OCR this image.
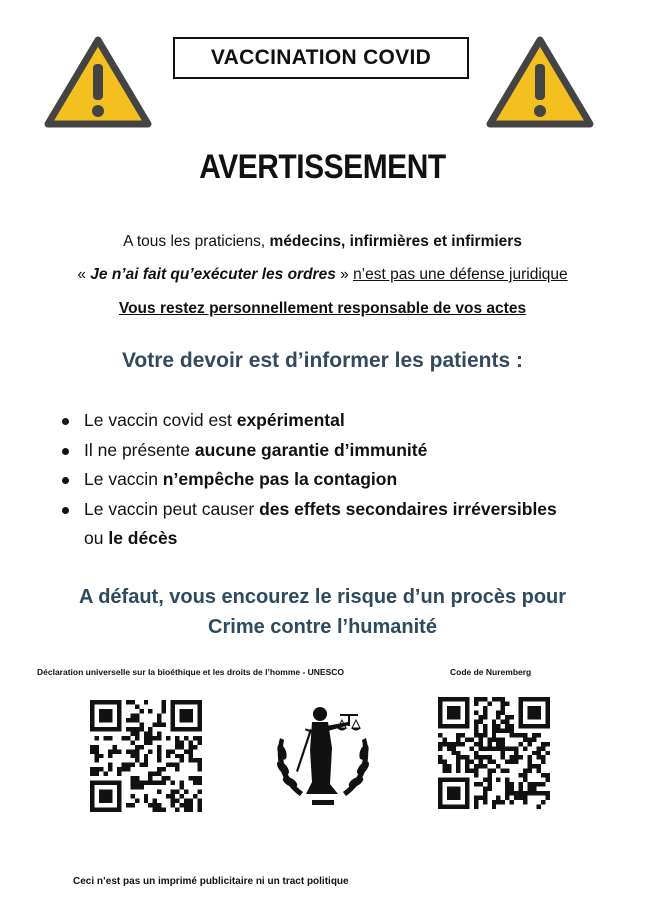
VACCINATION COVID
AVERTISSEMENT
A tous les praticiens, médecins, infirmières et infirmiers
« Je n’ai fait qu’exécuter les ordres » n’est pas une défense juridique
Vous restez personnellement responsable de vos actes
Votre devoir est d’informer les patients :
Le vaccin covid est expérimental
Il ne présente aucune garantie d’immunité
Le vaccin n’empêche pas la contagion
Le vaccin peut causer des effets secondaires irréversibles
ou le décès
A défaut, vous encourez le risque d’un procès pour
Crime contre l’humanité
Déclaration universelle sur la bioéthique et les droits de l’homme - UNESCO	Code de Nuremberg
Ceci n’est pas un imprimé publicitaire ni un tract politique
